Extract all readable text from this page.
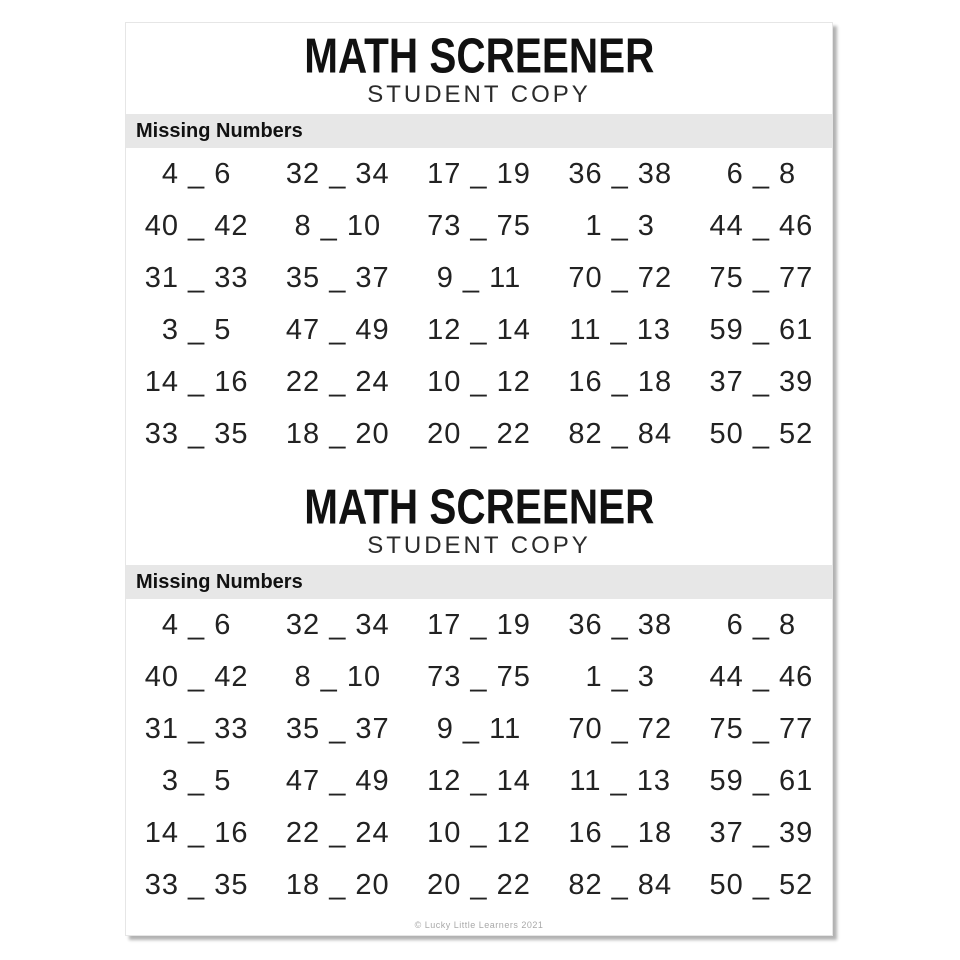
MATH SCREENER
STUDENT COPY
Missing Numbers
4 _ 6 32 _ 34 17 _ 19 36 _ 38 6 _ 8
40 _ 42 8 _ 10 73 _ 75 1 _ 3 44 _ 46
31 _ 33 35 _ 37 9 _ 11 70 _ 72 75 _ 77
3 _ 5 47 _ 49 12 _ 14 11 _ 13 59 _ 61
14 _ 16 22 _ 24 10 _ 12 16 _ 18 37 _ 39
33 _ 35 18 _ 20 20 _ 22 82 _ 84 50 _ 52
MATH SCREENER
STUDENT COPY
Missing Numbers
4 _ 6 32 _ 34 17 _ 19 36 _ 38 6 _ 8
40 _ 42 8 _ 10 73 _ 75 1 _ 3 44 _ 46
31 _ 33 35 _ 37 9 _ 11 70 _ 72 75 _ 77
3 _ 5 47 _ 49 12 _ 14 11 _ 13 59 _ 61
14 _ 16 22 _ 24 10 _ 12 16 _ 18 37 _ 39
33 _ 35 18 _ 20 20 _ 22 82 _ 84 50 _ 52
© Lucky Little Learners 2021
